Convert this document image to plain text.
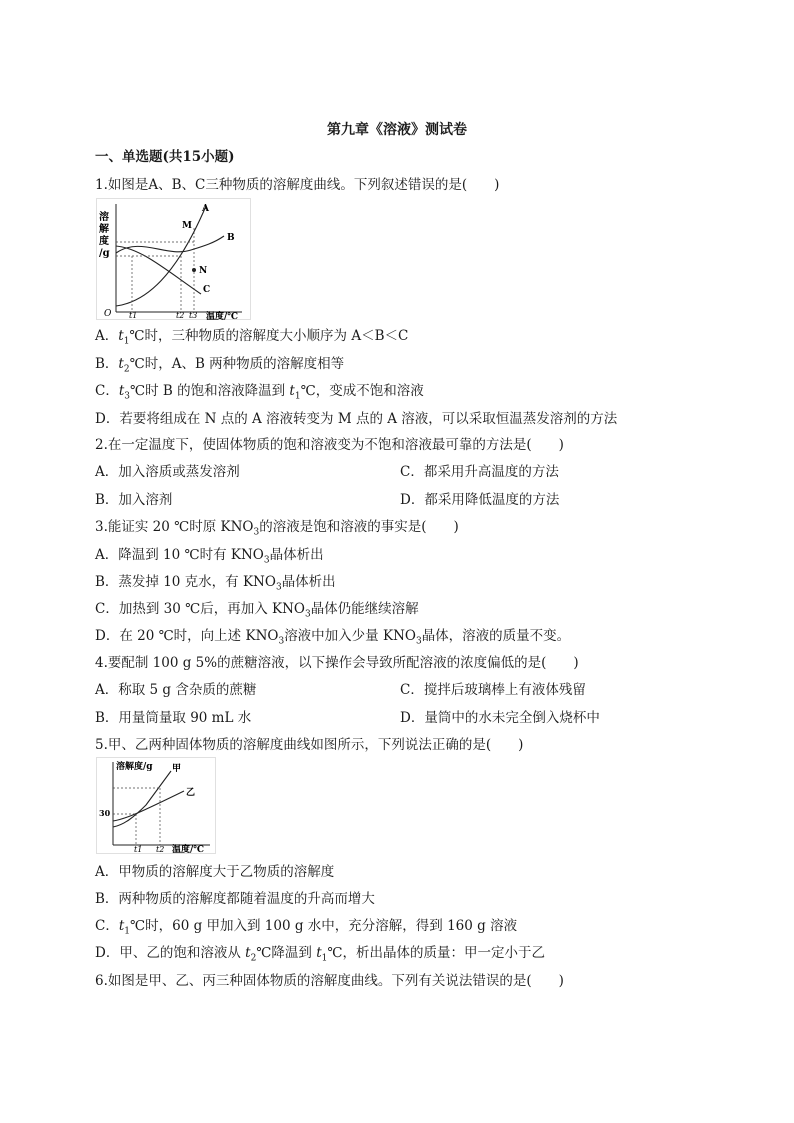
第九章《溶液》测试卷
一、单选题(共15小题)
1.如图是A、B、C三种物质的溶解度曲线。下列叙述错误的是(　　)
溶
解
度
/g
O t1	t2 t3 温度/℃
A
B
C
M
N
A．$t_1℃$时，三种物质的溶解度大小顺序为 A＜B＜C
B．$t_2℃$时，A、B 两种物质的溶解度相等
C．$t_3℃$时 B 的饱和溶液降温到 $t_1℃$，变成不饱和溶液
D．若要将组成在 N 点的 A 溶液转变为 M 点的 A 溶液，可以采取恒温蒸发溶剂的方法
2.在一定温度下，使固体物质的饱和溶液变为不饱和溶液最可靠的方法是(　　)
A．加入溶质或蒸发溶剂	C．都采用升高温度的方法
B．加入溶剂	D．都采用降低温度的方法
3.能证实 20 ℃时原 $KNO_3$的溶液是饱和溶液的事实是(　　)
A．降温到 10 ℃时有 $KNO_3$晶体析出
B．蒸发掉 10 克水，有 $KNO_3$晶体析出
C．加热到 30 ℃后，再加入 $KNO_3$晶体仍能继续溶解
D．在 20 ℃时，向上述 $KNO_3$溶液中加入少量 $KNO_3$晶体，溶液的质量不变。
4.要配制 100 g 5%的蔗糖溶液，以下操作会导致所配溶液的浓度偏低的是(　　)
A．称取 5 g 含杂质的蔗糖	C．搅拌后玻璃棒上有液体残留
B．用量筒量取 90 mL 水	D．量筒中的水未完全倒入烧杯中
5.甲、乙两种固体物质的溶解度曲线如图所示，下列说法正确的是(　　)
溶解度/g
30
t1 t2 温度/℃
甲
乙
A．甲物质的溶解度大于乙物质的溶解度
B．两种物质的溶解度都随着温度的升高而增大
C．$t_1℃$时，60 g 甲加入到 100 g 水中，充分溶解，得到 160 g 溶液
D．甲、乙的饱和溶液从 $t_2℃$降温到 $t_1℃$，析出晶体的质量：甲一定小于乙
6.如图是甲、乙、丙三种固体物质的溶解度曲线。下列有关说法错误的是(　　)
